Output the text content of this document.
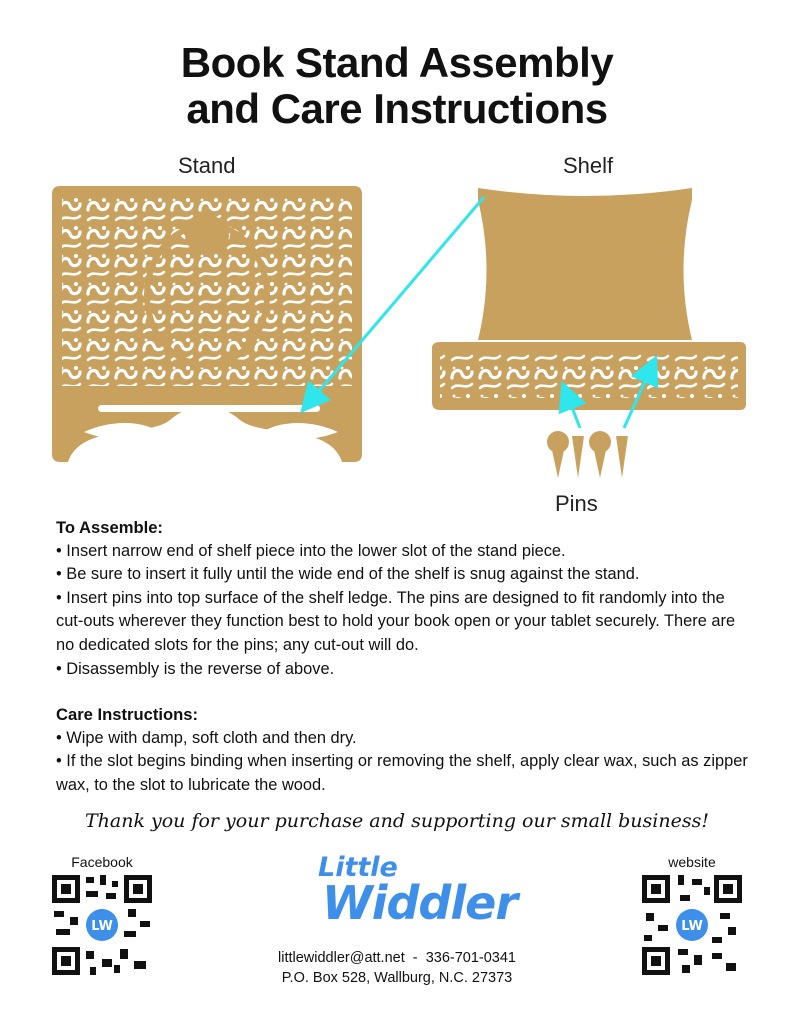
Book Stand Assembly
and Care Instructions
Stand	Shelf
Pins
To Assemble:

• Insert narrow end of shelf piece into the lower slot of the stand piece.

• Be sure to insert it fully until the wide end of the shelf is snug against the stand.

• Insert pins into top surface of the shelf ledge. The pins are designed to fit randomly into the cut-outs wherever they function best to hold your book open or your tablet securely. There are no dedicated slots for the pins; any cut-out will do.

• Disassembly is the reverse of above.

Care Instructions:

• Wipe with damp, soft cloth and then dry.

• If the slot begins binding when inserting or removing the shelf, apply clear wax, such as zipper wax, to the slot to lubricate the wood.

Thank you for your purchase and supporting our small business!
Facebook
LW
Little
Widdler
website
LW
littlewiddler@att.net  -  336-701-0341
P.O. Box 528, Wallburg, N.C. 27373
